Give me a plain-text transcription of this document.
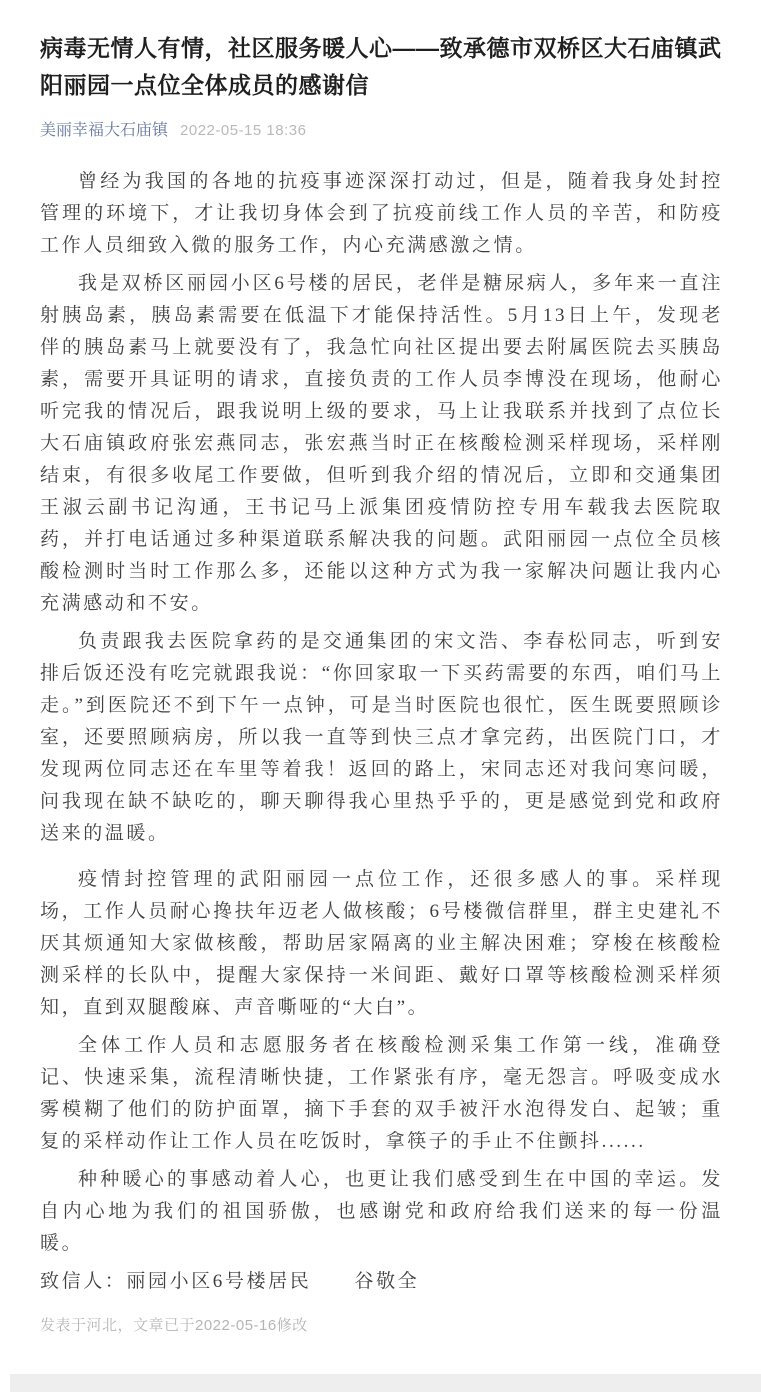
病毒无情人有情，社区服务暖人心——致承德市双桥区大石庙镇武阳丽园一点位全体成员的感谢信
美丽幸福大石庙镇 2022-05-15 18:36

曾经为我国的各地的抗疫事迹深深打动过，但是，随着我身处封控管理的环境下，才让我切身体会到了抗疫前线工作人员的辛苦，和防疫工作人员细致入微的服务工作，内心充满感激之情。

我是双桥区丽园小区6号楼的居民，老伴是糖尿病人，多年来一直注射胰岛素，胰岛素需要在低温下才能保持活性。5月13日上午，发现老伴的胰岛素马上就要没有了，我急忙向社区提出要去附属医院去买胰岛素，需要开具证明的请求，直接负责的工作人员李博没在现场，他耐心听完我的情况后，跟我说明上级的要求，马上让我联系并找到了点位长大石庙镇政府张宏燕同志，张宏燕当时正在核酸检测采样现场，采样刚结束，有很多收尾工作要做，但听到我介绍的情况后，立即和交通集团王淑云副书记沟通，王书记马上派集团疫情防控专用车载我去医院取药，并打电话通过多种渠道联系解决我的问题。武阳丽园一点位全员核酸检测时当时工作那么多，还能以这种方式为我一家解决问题让我内心充满感动和不安。

负责跟我去医院拿药的是交通集团的宋文浩、李春松同志，听到安排后饭还没有吃完就跟我说：“你回家取一下买药需要的东西，咱们马上走。”到医院还不到下午一点钟，可是当时医院也很忙，医生既要照顾诊室，还要照顾病房，所以我一直等到快三点才拿完药，出医院门口，才发现两位同志还在车里等着我！返回的路上，宋同志还对我问寒问暖，问我现在缺不缺吃的，聊天聊得我心里热乎乎的，更是感觉到党和政府送来的温暖。

疫情封控管理的武阳丽园一点位工作，还很多感人的事。采样现场，工作人员耐心搀扶年迈老人做核酸；6号楼微信群里，群主史建礼不厌其烦通知大家做核酸，帮助居家隔离的业主解决困难；穿梭在核酸检测采样的长队中，提醒大家保持一米间距、戴好口罩等核酸检测采样须知，直到双腿酸麻、声音嘶哑的“大白”。

全体工作人员和志愿服务者在核酸检测采集工作第一线，准确登记、快速采集，流程清晰快捷，工作紧张有序，毫无怨言。呼吸变成水雾模糊了他们的防护面罩，摘下手套的双手被汗水泡得发白、起皱；重复的采样动作让工作人员在吃饭时，拿筷子的手止不住颤抖......

种种暖心的事感动着人心，也更让我们感受到生在中国的幸运。发自内心地为我们的祖国骄傲，也感谢党和政府给我们送来的每一份温暖。

致信人：丽园小区6号楼居民　　谷敬全

发表于河北，文章已于2022-05-16修改
